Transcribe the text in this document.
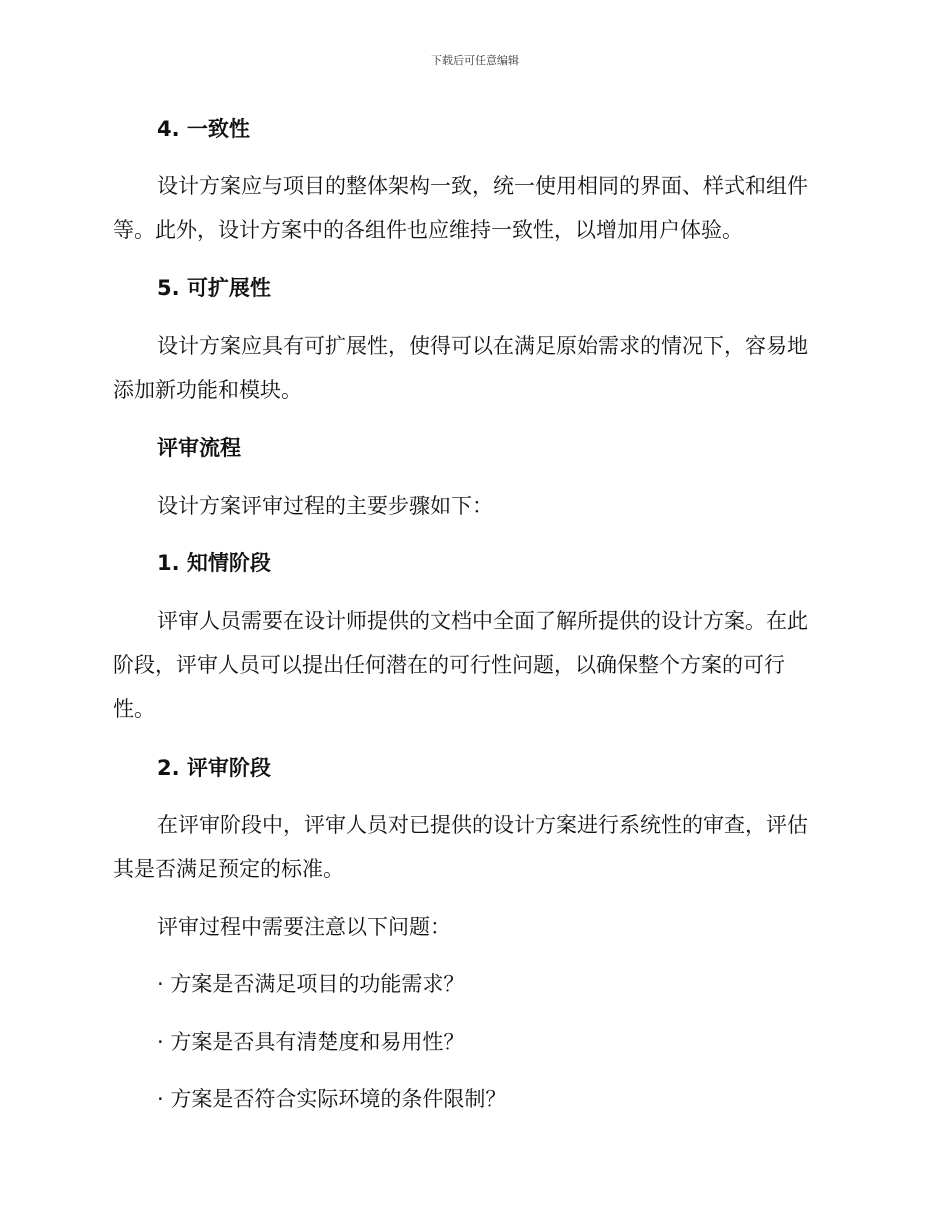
下载后可任意编辑
4. 一致性
设计方案应与项目的整体架构一致，统一使用相同的界面、样式和组件
等。此外，设计方案中的各组件也应维持一致性，以增加用户体验。
5. 可扩展性
设计方案应具有可扩展性，使得可以在满足原始需求的情况下，容易地
添加新功能和模块。
评审流程
设计方案评审过程的主要步骤如下：
1. 知情阶段
评审人员需要在设计师提供的文档中全面了解所提供的设计方案。在此
阶段，评审人员可以提出任何潜在的可行性问题，以确保整个方案的可行
性。
2. 评审阶段
在评审阶段中，评审人员对已提供的设计方案进行系统性的审查，评估
其是否满足预定的标准。
评审过程中需要注意以下问题：
· 方案是否满足项目的功能需求？
· 方案是否具有清楚度和易用性？
· 方案是否符合实际环境的条件限制？
